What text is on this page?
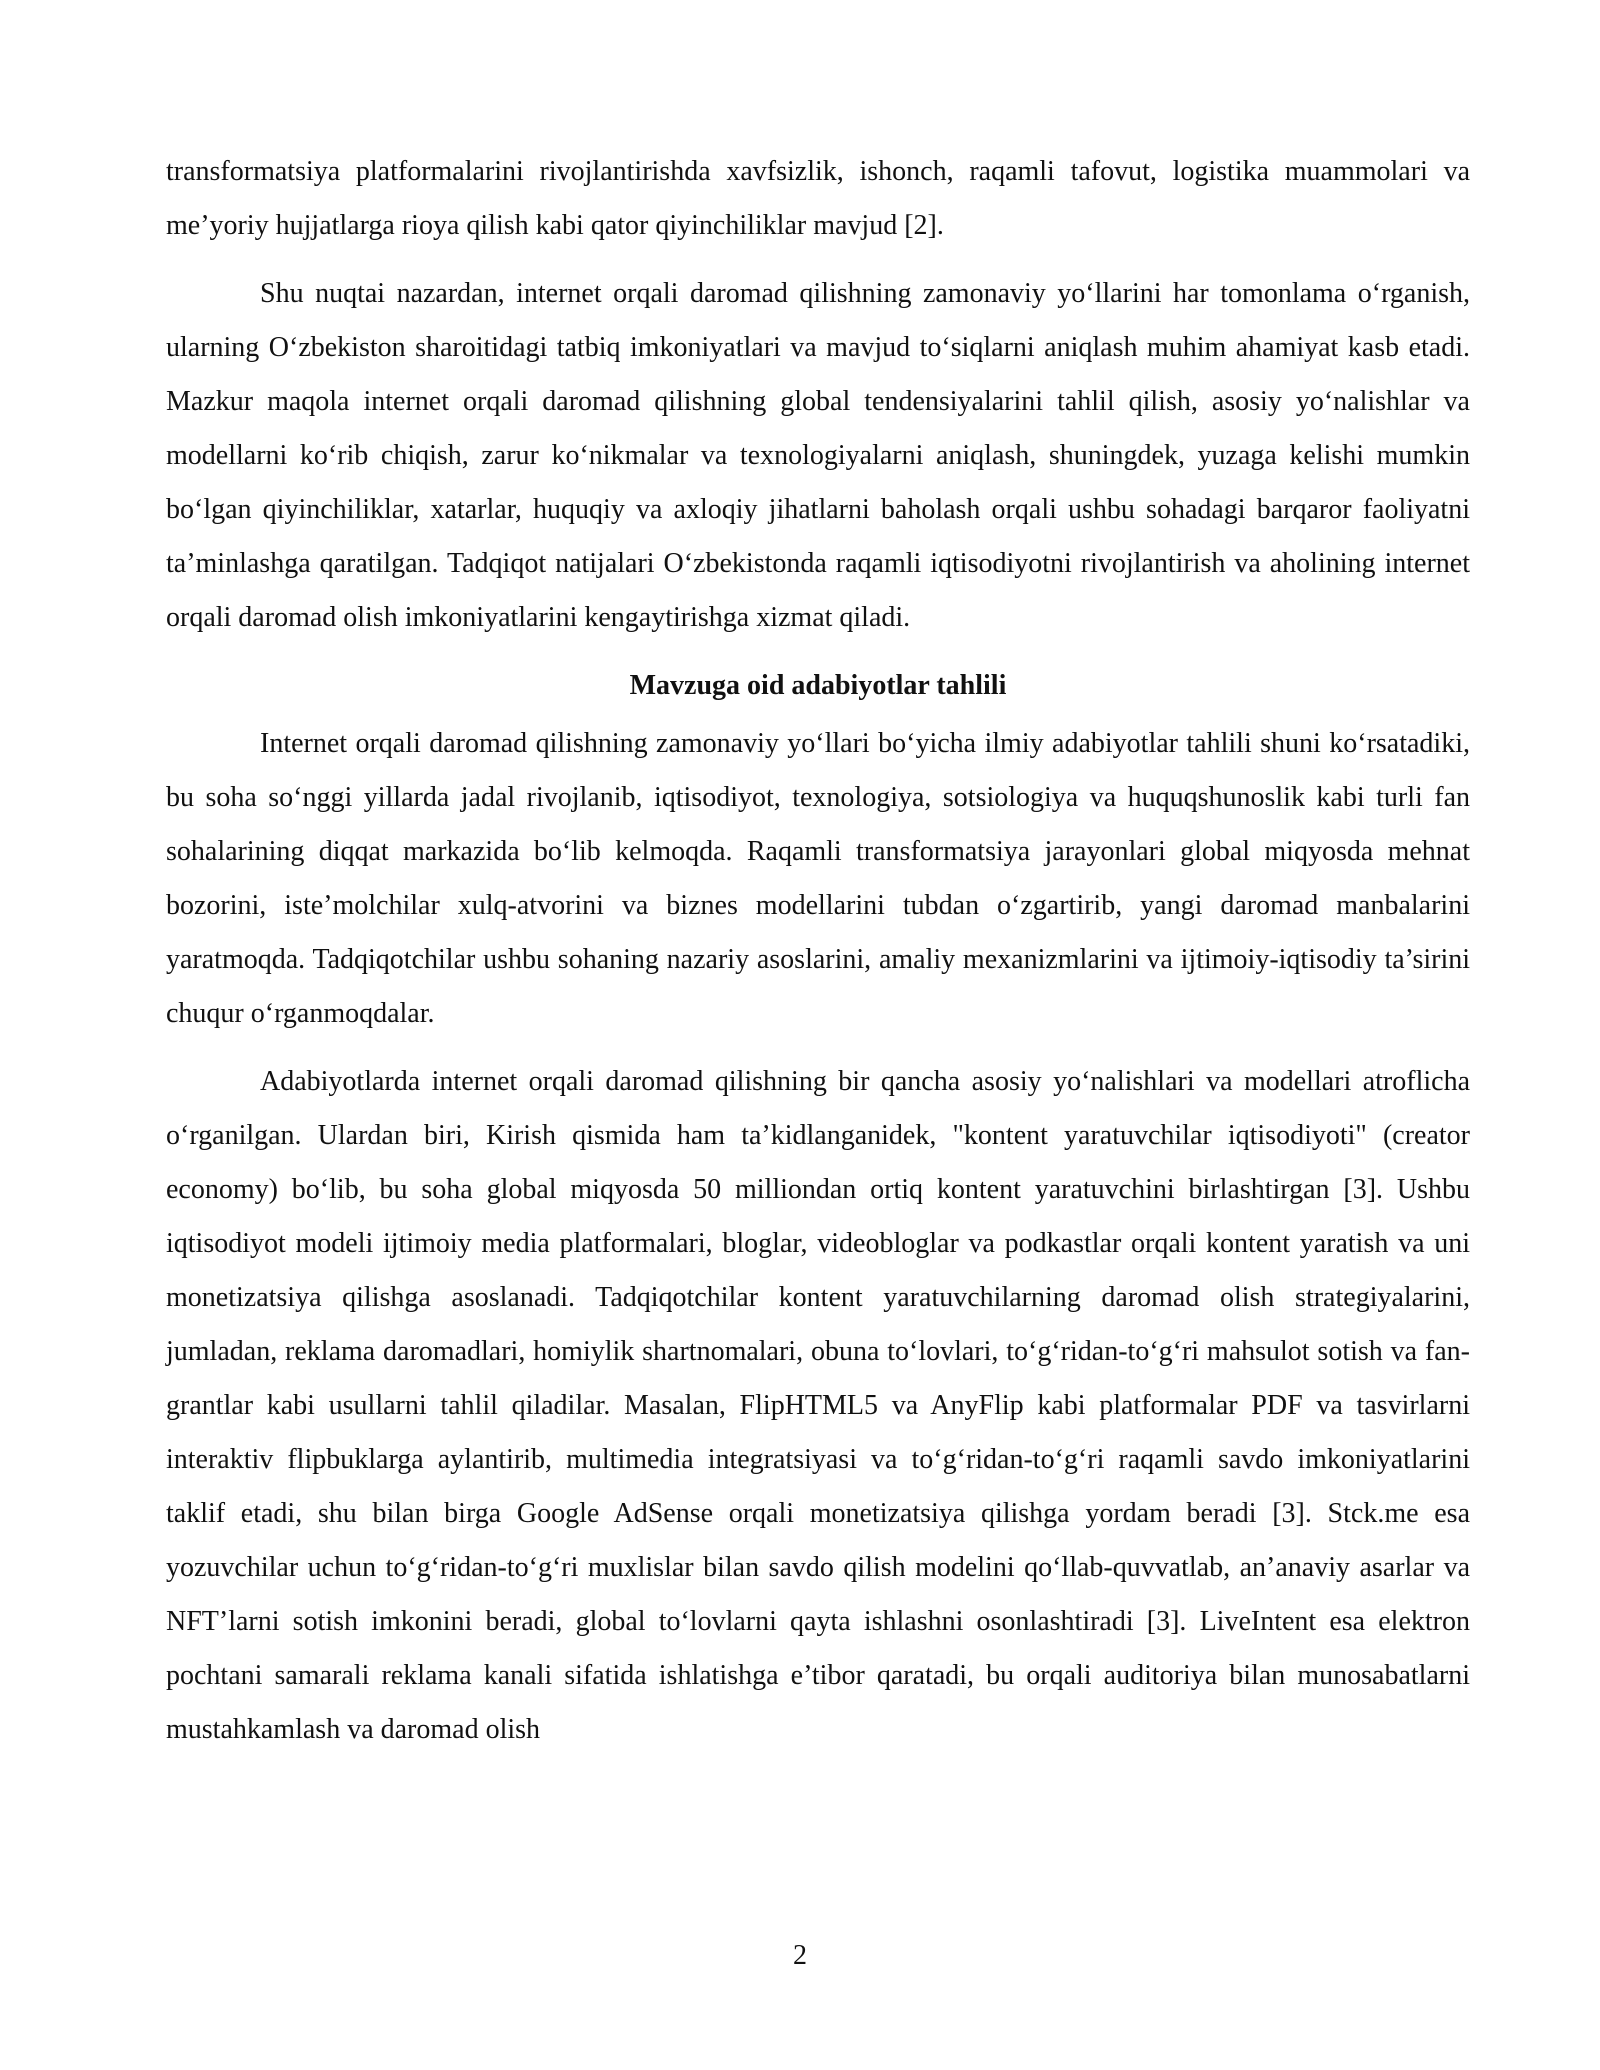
transformatsiya platformalarini rivojlantirishda xavfsizlik, ishonch, raqamli tafovut, logistika muammolari va me’yoriy hujjatlarga rioya qilish kabi qator qiyinchiliklar mavjud [2].

Shu nuqtai nazardan, internet orqali daromad qilishning zamonaviy yo‘llarini har tomonlama o‘rganish, ularning O‘zbekiston sharoitidagi tatbiq imkoniyatlari va mavjud to‘siqlarni aniqlash muhim ahamiyat kasb etadi. Mazkur maqola internet orqali daromad qilishning global tendensiyalarini tahlil qilish, asosiy yo‘nalishlar va modellarni ko‘rib chiqish, zarur ko‘nikmalar va texnologiyalarni aniqlash, shuningdek, yuzaga kelishi mumkin bo‘lgan qiyinchiliklar, xatarlar, huquqiy va axloqiy jihatlarni baholash orqali ushbu sohadagi barqaror faoliyatni ta’minlashga qaratilgan. Tadqiqot natijalari O‘zbekistonda raqamli iqtisodiyotni rivojlantirish va aholining internet orqali daromad olish imkoniyatlarini kengaytirishga xizmat qiladi.

Mavzuga oid adabiyotlar tahlili

Internet orqali daromad qilishning zamonaviy yo‘llari bo‘yicha ilmiy adabiyotlar tahlili shuni ko‘rsatadiki, bu soha so‘nggi yillarda jadal rivojlanib, iqtisodiyot, texnologiya, sotsiologiya va huquqshunoslik kabi turli fan sohalarining diqqat markazida bo‘lib kelmoqda. Raqamli transformatsiya jarayonlari global miqyosda mehnat bozorini, iste’molchilar xulq-atvorini va biznes modellarini tubdan o‘zgartirib, yangi daromad manbalarini yaratmoqda. Tadqiqotchilar ushbu sohaning nazariy asoslarini, amaliy mexanizmlarini va ijtimoiy-iqtisodiy ta’sirini chuqur o‘rganmoqdalar.

Adabiyotlarda internet orqali daromad qilishning bir qancha asosiy yo‘nalishlari va modellari atroflicha o‘rganilgan. Ulardan biri, Kirish qismida ham ta’kidlanganidek, "kontent yaratuvchilar iqtisodiyoti" (creator economy) bo‘lib, bu soha global miqyosda 50 milliondan ortiq kontent yaratuvchini birlashtirgan [3]. Ushbu iqtisodiyot modeli ijtimoiy media platformalari, bloglar, videobloglar va podkastlar orqali kontent yaratish va uni monetizatsiya qilishga asoslanadi. Tadqiqotchilar kontent yaratuvchilarning daromad olish strategiyalarini, jumladan, reklama daromadlari, homiylik shartnomalari, obuna to‘lovlari, to‘g‘ridan-to‘g‘ri mahsulot sotish va fan-grantlar kabi usullarni tahlil qiladilar. Masalan, FlipHTML5 va AnyFlip kabi platformalar PDF va tasvirlarni interaktiv flipbuklarga aylantirib, multimedia integratsiyasi va to‘g‘ridan-to‘g‘ri raqamli savdo imkoniyatlarini taklif etadi, shu bilan birga Google AdSense orqali monetizatsiya qilishga yordam beradi [3]. Stck.me esa yozuvchilar uchun to‘g‘ridan-to‘g‘ri muxlislar bilan savdo qilish modelini qo‘llab-quvvatlab, an’anaviy asarlar va NFT’larni sotish imkonini beradi, global to‘lovlarni qayta ishlashni osonlashtiradi [3]. LiveIntent esa elektron pochtani samarali reklama kanali sifatida ishlatishga e’tibor qaratadi, bu orqali auditoriya bilan munosabatlarni mustahkamlash va daromad olish

2
